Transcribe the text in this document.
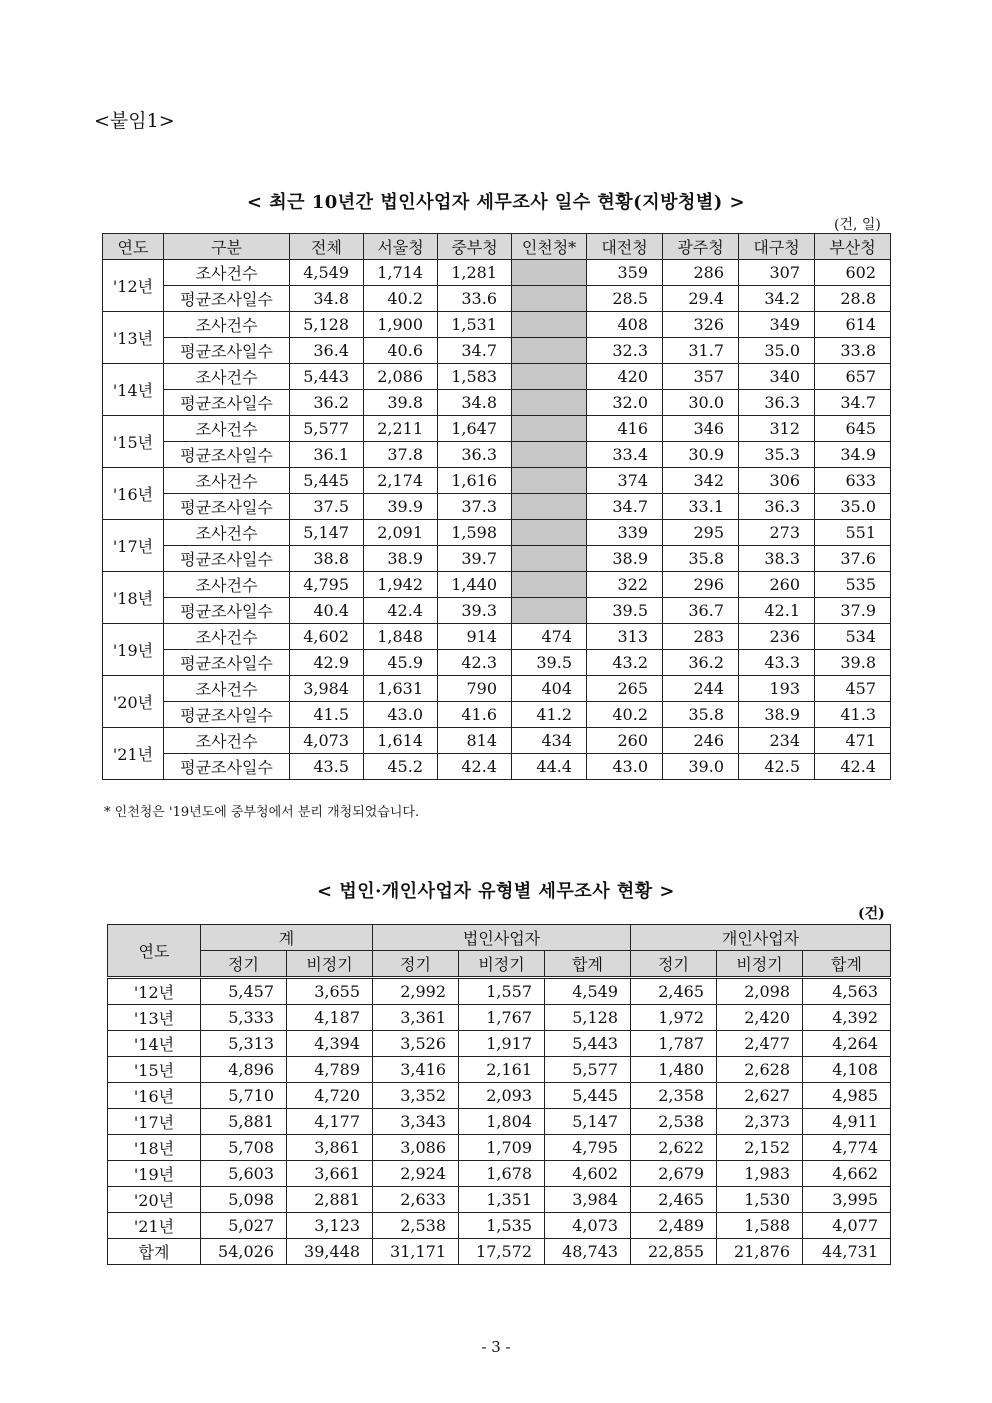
<붙임1>
< 최근 10년간 법인사업자 세무조사 일수 현황(지방청별) >
(건, 일)
연도	구분	전체	서울청	중부청	인천청*	대전청	광주청	대구청	부산청
'12년	조사건수	4,549	1,714	1,281		359	286	307	602
	평균조사일수	34.8	40.2	33.6		28.5	29.4	34.2	28.8
'13년	조사건수	5,128	1,900	1,531		408	326	349	614
	평균조사일수	36.4	40.6	34.7		32.3	31.7	35.0	33.8
'14년	조사건수	5,443	2,086	1,583		420	357	340	657
	평균조사일수	36.2	39.8	34.8		32.0	30.0	36.3	34.7
'15년	조사건수	5,577	2,211	1,647		416	346	312	645
	평균조사일수	36.1	37.8	36.3		33.4	30.9	35.3	34.9
'16년	조사건수	5,445	2,174	1,616		374	342	306	633
	평균조사일수	37.5	39.9	37.3		34.7	33.1	36.3	35.0
'17년	조사건수	5,147	2,091	1,598		339	295	273	551
	평균조사일수	38.8	38.9	39.7		38.9	35.8	38.3	37.6
'18년	조사건수	4,795	1,942	1,440		322	296	260	535
	평균조사일수	40.4	42.4	39.3		39.5	36.7	42.1	37.9
'19년	조사건수	4,602	1,848	914	474	313	283	236	534
	평균조사일수	42.9	45.9	42.3	39.5	43.2	36.2	43.3	39.8
'20년	조사건수	3,984	1,631	790	404	265	244	193	457
	평균조사일수	41.5	43.0	41.6	41.2	40.2	35.8	38.9	41.3
'21년	조사건수	4,073	1,614	814	434	260	246	234	471
	평균조사일수	43.5	45.2	42.4	44.4	43.0	39.0	42.5	42.4
* 인천청은 '19년도에 중부청에서 분리 개청되었습니다.
< 법인·개인사업자 유형별 세무조사 현황 >
(건)
연도	계		법인사업자			개인사업자		
	정기	비정기	정기	비정기	합계	정기	비정기	합계
'12년	5,457	3,655	2,992	1,557	4,549	2,465	2,098	4,563
'13년	5,333	4,187	3,361	1,767	5,128	1,972	2,420	4,392
'14년	5,313	4,394	3,526	1,917	5,443	1,787	2,477	4,264
'15년	4,896	4,789	3,416	2,161	5,577	1,480	2,628	4,108
'16년	5,710	4,720	3,352	2,093	5,445	2,358	2,627	4,985
'17년	5,881	4,177	3,343	1,804	5,147	2,538	2,373	4,911
'18년	5,708	3,861	3,086	1,709	4,795	2,622	2,152	4,774
'19년	5,603	3,661	2,924	1,678	4,602	2,679	1,983	4,662
'20년	5,098	2,881	2,633	1,351	3,984	2,465	1,530	3,995
'21년	5,027	3,123	2,538	1,535	4,073	2,489	1,588	4,077
합계	54,026	39,448	31,171	17,572	48,743	22,855	21,876	44,731
- 3 -
